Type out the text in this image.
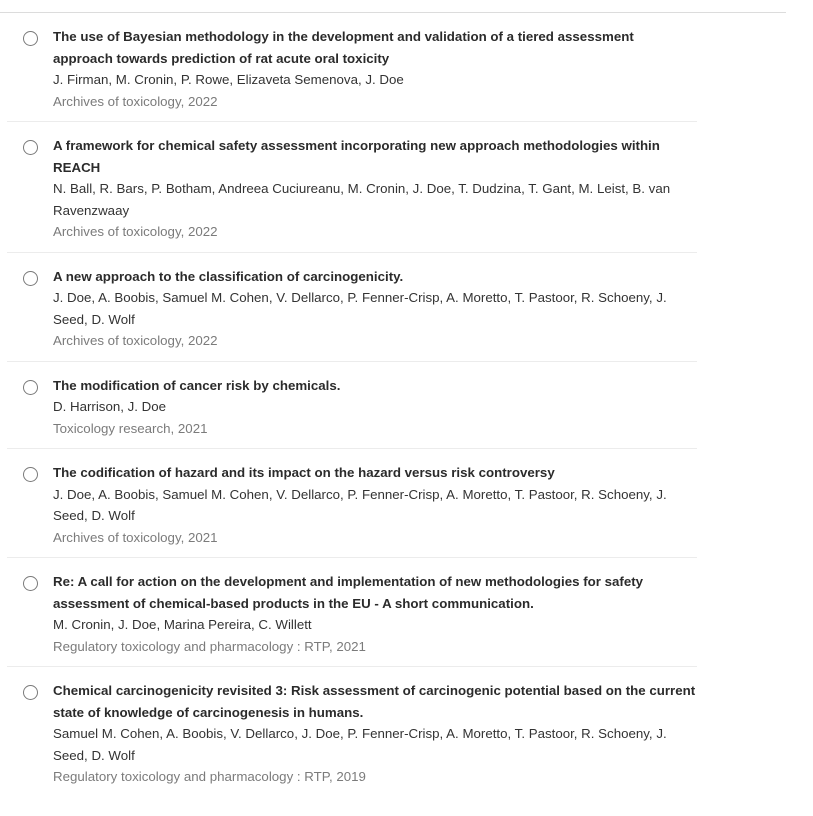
The use of Bayesian methodology in the development and validation of a tiered assessment approach towards prediction of rat acute oral toxicity
J. Firman, M. Cronin, P. Rowe, Elizaveta Semenova, J. Doe
Archives of toxicology, 2022
A framework for chemical safety assessment incorporating new approach methodologies within REACH
N. Ball, R. Bars, P. Botham, Andreea Cuciureanu, M. Cronin, J. Doe, T. Dudzina, T. Gant, M. Leist, B. van Ravenzwaay
Archives of toxicology, 2022
A new approach to the classification of carcinogenicity.
J. Doe, A. Boobis, Samuel M. Cohen, V. Dellarco, P. Fenner-Crisp, A. Moretto, T. Pastoor, R. Schoeny, J. Seed, D. Wolf
Archives of toxicology, 2022
The modification of cancer risk by chemicals.
D. Harrison, J. Doe
Toxicology research, 2021
The codification of hazard and its impact on the hazard versus risk controversy
J. Doe, A. Boobis, Samuel M. Cohen, V. Dellarco, P. Fenner-Crisp, A. Moretto, T. Pastoor, R. Schoeny, J. Seed, D. Wolf
Archives of toxicology, 2021
Re: A call for action on the development and implementation of new methodologies for safety assessment of chemical-based products in the EU - A short communication.
M. Cronin, J. Doe, Marina Pereira, C. Willett
Regulatory toxicology and pharmacology : RTP, 2021
Chemical carcinogenicity revisited 3: Risk assessment of carcinogenic potential based on the current state of knowledge of carcinogenesis in humans.
Samuel M. Cohen, A. Boobis, V. Dellarco, J. Doe, P. Fenner-Crisp, A. Moretto, T. Pastoor, R. Schoeny, J. Seed, D. Wolf
Regulatory toxicology and pharmacology : RTP, 2019
